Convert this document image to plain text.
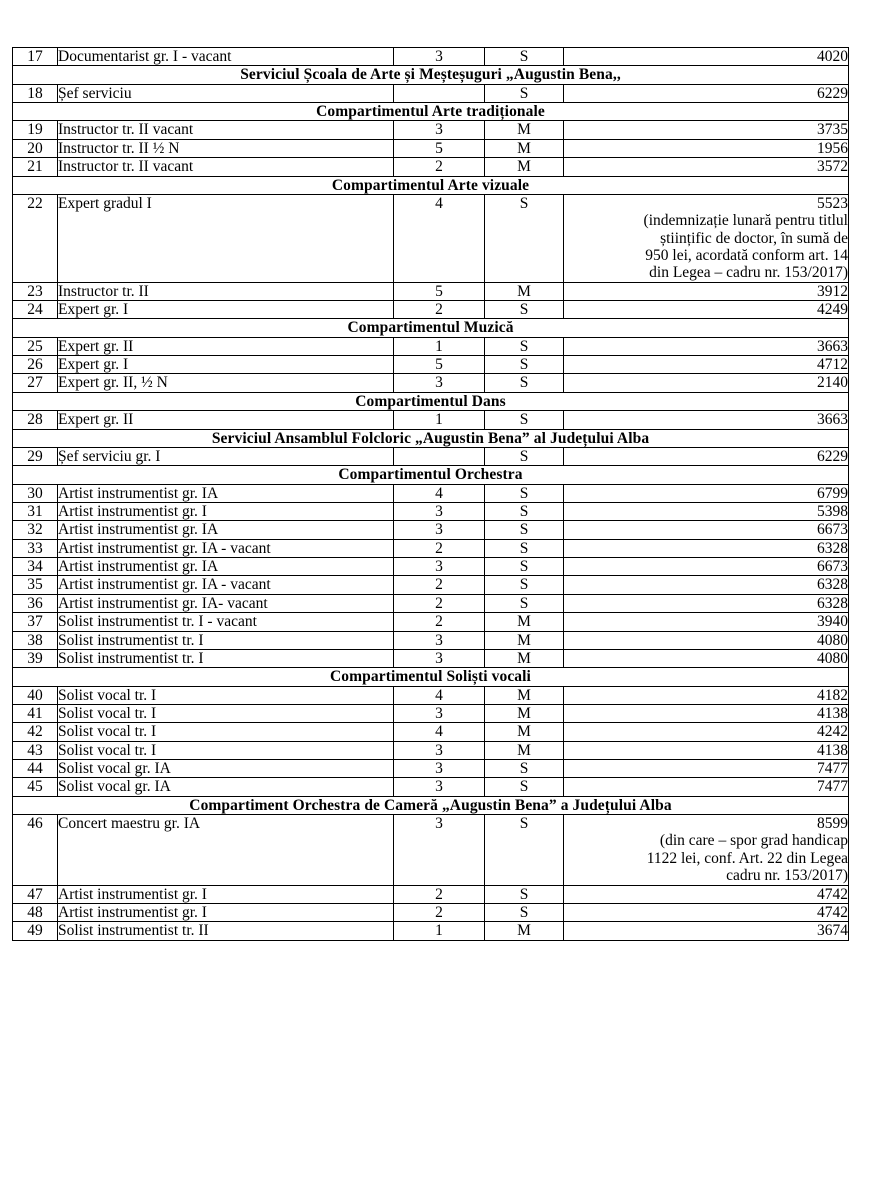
17	Documentarist gr. I - vacant	3	S	4020

Serviciul Școala de Arte și Meșteșuguri „Augustin Bena,,				
18	Șef serviciu		S	6229

Compartimentul Arte tradiționale				
19	Instructor tr. II vacant	3	M	3735

20	Instructor tr. II ½ N	5	M	1956

21	Instructor tr. II vacant	2	M	3572

Compartimentul Arte vizuale				
22	Expert gradul I	4	S	5523
(indemnizație lunară pentru titlul
științific de doctor, în sumă de
950 lei, acordată conform art. 14
din Legea – cadru nr. 153/2017)

23	Instructor tr. II	5	M	3912

24	Expert gr. I	2	S	4249

Compartimentul Muzică				
25	Expert gr. II	1	S	3663

26	Expert gr. I	5	S	4712

27	Expert gr. II, ½ N	3	S	2140

Compartimentul Dans				
28	Expert gr. II	1	S	3663

Serviciul Ansamblul Folcloric „Augustin Bena” al Județului Alba				
29	Șef serviciu gr. I		S	6229

Compartimentul Orchestra				
30	Artist instrumentist gr. IA	4	S	6799

31	Artist instrumentist gr. I	3	S	5398

32	Artist instrumentist gr. IA	3	S	6673

33	Artist instrumentist gr. IA - vacant	2	S	6328

34	Artist instrumentist gr. IA	3	S	6673

35	Artist instrumentist gr. IA - vacant	2	S	6328

36	Artist instrumentist gr. IA- vacant	2	S	6328

37	Solist instrumentist tr. I - vacant	2	M	3940

38	Solist instrumentist tr. I	3	M	4080

39	Solist instrumentist tr. I	3	M	4080

Compartimentul Soliști vocali				
40	Solist vocal tr. I	4	M	4182

41	Solist vocal tr. I	3	M	4138

42	Solist vocal tr. I	4	M	4242

43	Solist vocal tr. I	3	M	4138

44	Solist vocal gr. IA	3	S	7477

45	Solist vocal gr. IA	3	S	7477

Compartiment Orchestra de Cameră „Augustin Bena” a Județului Alba				
46	Concert maestru gr. IA	3	S	8599
(din care – spor grad handicap
1122 lei, conf. Art. 22 din Legea
cadru nr. 153/2017)

47	Artist instrumentist gr. I	2	S	4742

48	Artist instrumentist gr. I	2	S	4742

49	Solist instrumentist tr. II	1	M	3674
